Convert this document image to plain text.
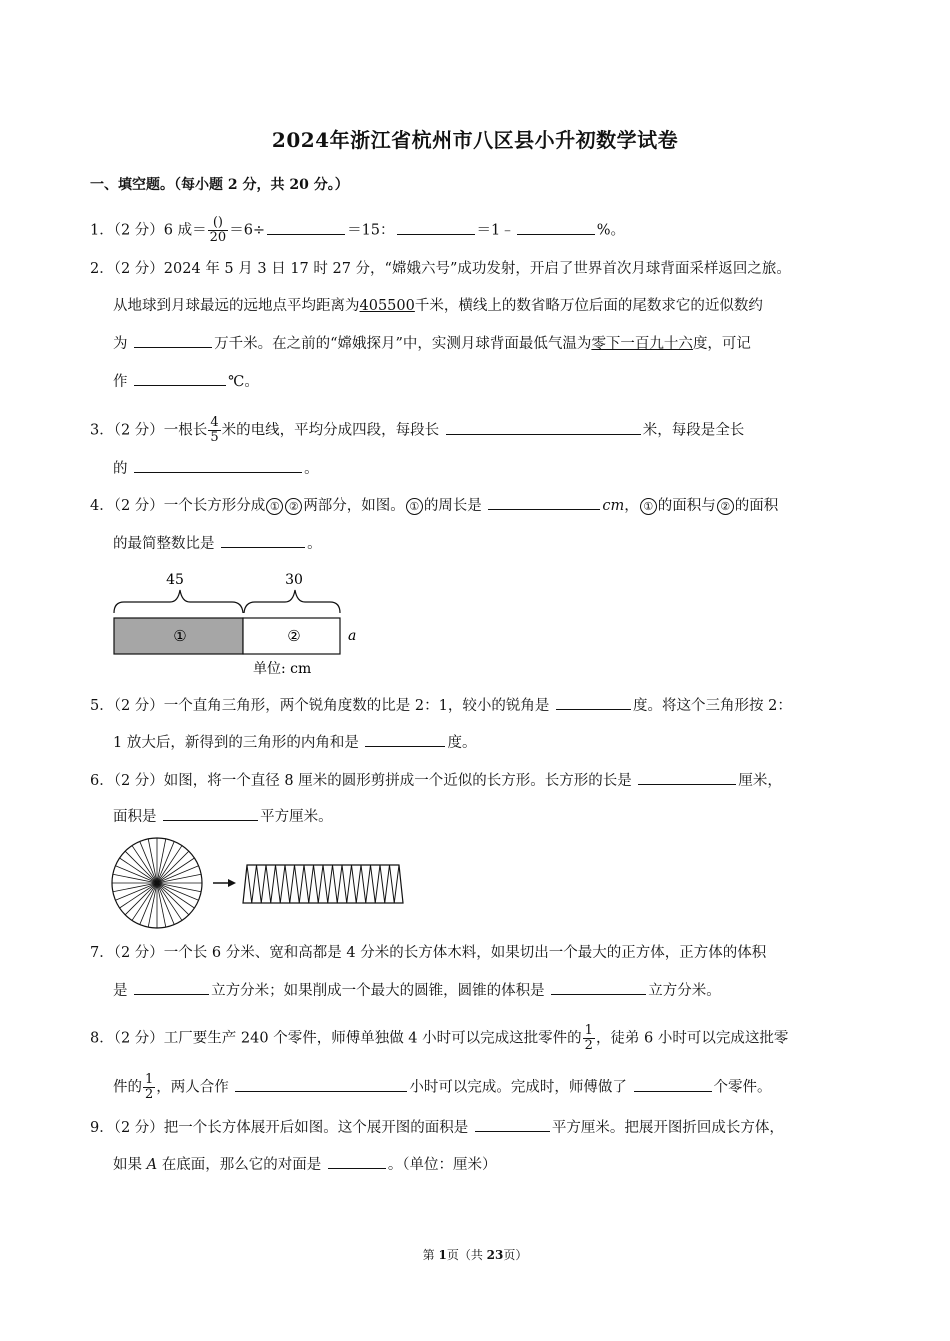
2024年浙江省杭州市八区县小升初数学试卷
一、填空题。（每小题 2 分，共 20 分。）
1．（2 分）6 成＝ $\frac{()}{20} =6\div$	＝15：	＝1﹣	%。
2．（2 分）2024 年 5 月 3 日 17 时 27 分，“嫦娥六号”成功发射，开启了世界首次月球背面采样返回之旅。
从地球到月球最远的远地点平均距离为405500千米，横线上的数省略万位后面的尾数求它的近似数约
为	万千米。在之前的“嫦娥探月”中，实测月球背面最低气温为零下一百九十六度，可记
作	℃。
3．（2 分）一根长 $\frac{4}{5}$ 米的电线，平均分成四段，每段长	米，每段是全长
的	。
4．（2 分）一个长方形分成 ① ② 两部分，如图。 ① 的周长是	cm， ① 的面积与 ② 的面积
的最简整数比是	。
45	30
①	②	a
单位: cm
5．（2 分）一个直角三角形，两个锐角度数的比是 2：1，较小的锐角是	度。将这个三角形按 2：
1 放大后，新得到的三角形的内角和是	度。
6．（2 分）如图，将一个直径 8 厘米的圆形剪拼成一个近似的长方形。长方形的长是	厘米，
面积是	平方厘米。
7．（2 分）一个长 6 分米、宽和高都是 4 分米的长方体木料，如果切出一个最大的正方体，正方体的体积
是	立方分米；如果削成一个最大的圆锥，圆锥的体积是	立方分米。
8．（2 分）工厂要生产 240 个零件，师傅单独做 4 小时可以完成这批零件的 $\frac{1}{2}$ ，徒弟 6 小时可以完成这批零
件的 $\frac{1}{2}$ ，两人合作	小时可以完成。完成时，师傅做了	个零件。
9．（2 分）把一个长方体展开后如图。这个展开图的面积是	平方厘米。把展开图折回成长方体，
如果 A 在底面，那么它的对面是	。（单位：厘米）
第 1页（共 23页）
